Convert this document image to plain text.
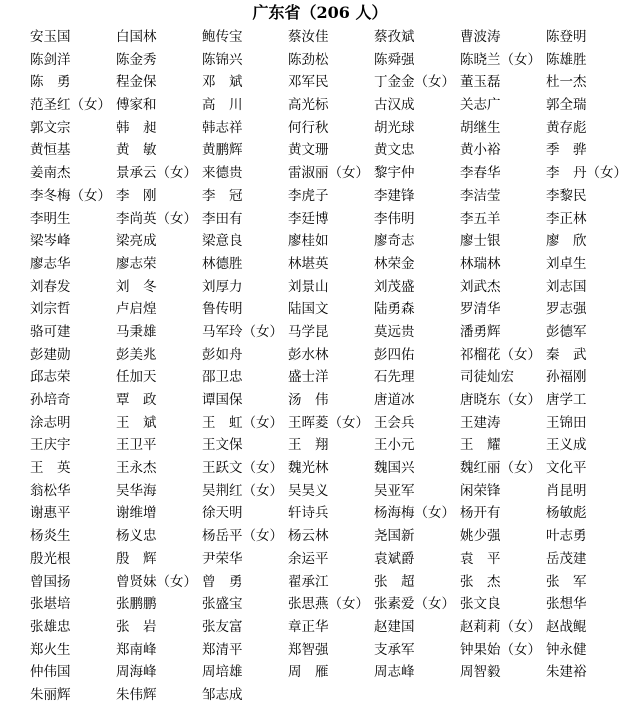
广东省（206 人）
安玉国	白国林	鲍传宝	蔡汝佳	蔡孜斌	曹波涛	陈登明
陈剑洋	陈金秀	陈锦兴	陈劲松	陈舜强	陈晓兰（女） 陈雄胜
陈　勇	程金保	邓　斌	邓军民	丁金金（女） 董玉磊	杜一杰
范圣红（女） 傅家和	高　川	高光标	古汉成	关志广	郭全瑞
郭文宗	韩　昶	韩志祥	何行秋	胡光球	胡继生	黄存彪
黄恒基	黄　敏	黄鹏辉	黄文珊	黄文忠	黄小裕	季　骅
姜南杰	景承云（女） 来德贵	雷淑丽（女） 黎宇仲	李春华	李　丹（女）
李冬梅（女） 李　刚	李　冠	李虎子	李建锋	李洁莹	李黎民
李明生	李尚英（女） 李田有	李廷博	李伟明	李五羊	李正林
梁岑峰	梁亮成	梁意良	廖桂如	廖奇志	廖士银	廖　欣
廖志华	廖志荣	林德胜	林堪英	林荣金	林瑞林	刘卓生
刘春发	刘　冬	刘厚力	刘景山	刘茂盛	刘武杰	刘志国
刘宗哲	卢启煌	鲁传明	陆国文	陆勇森	罗清华	罗志强
骆可建	马秉雄	马军玲（女） 马学昆	莫远贵	潘勇辉	彭德军
彭建勋	彭美兆	彭如舟	彭水林	彭四佑	祁榴花（女） 秦　武
邱志荣	任加天	邵卫忠	盛士洋	石先理	司徒灿宏	孙福刚
孙培奇	覃　政	谭国保	汤　伟	唐道冰	唐晓东（女） 唐学工
涂志明	王　斌	王　虹（女） 王晖菱（女） 王会兵	王建涛	王锦田
王庆宇	王卫平	王文保	王　翔	王小元	王　耀	王义成
王　英	王永杰	王跃文（女） 魏光林	魏国兴	魏红丽（女） 文化平
翁松华	吴华海	吴荆红（女） 吴昊义	吴亚军	闲荣锋	肖昆明
谢惠平	谢维增	徐天明	轩诗兵	杨海梅（女） 杨开有	杨敏彪
杨炎生	杨义忠	杨岳平（女） 杨云林	尧国新	姚少强	叶志勇
殷光根	殷　辉	尹荣华	余运平	袁斌爵	袁　平	岳茂建
曾国扬	曾贤妹（女） 曾　勇	翟承江	张　超	张　杰	张　军
张堪培	张鹏鹏	张盛宝	张思燕（女） 张素爱（女） 张文良	张想华
张雄忠	张　岩	张友富	章正华	赵建国	赵莉莉（女） 赵战鲲
郑火生	郑南峰	郑清平	郑智强	支承军	钟果始（女） 钟永健
仲伟国	周海峰	周培雄	周　雁	周志峰	周智毅	朱建裕
朱丽辉	朱伟辉	邹志成
